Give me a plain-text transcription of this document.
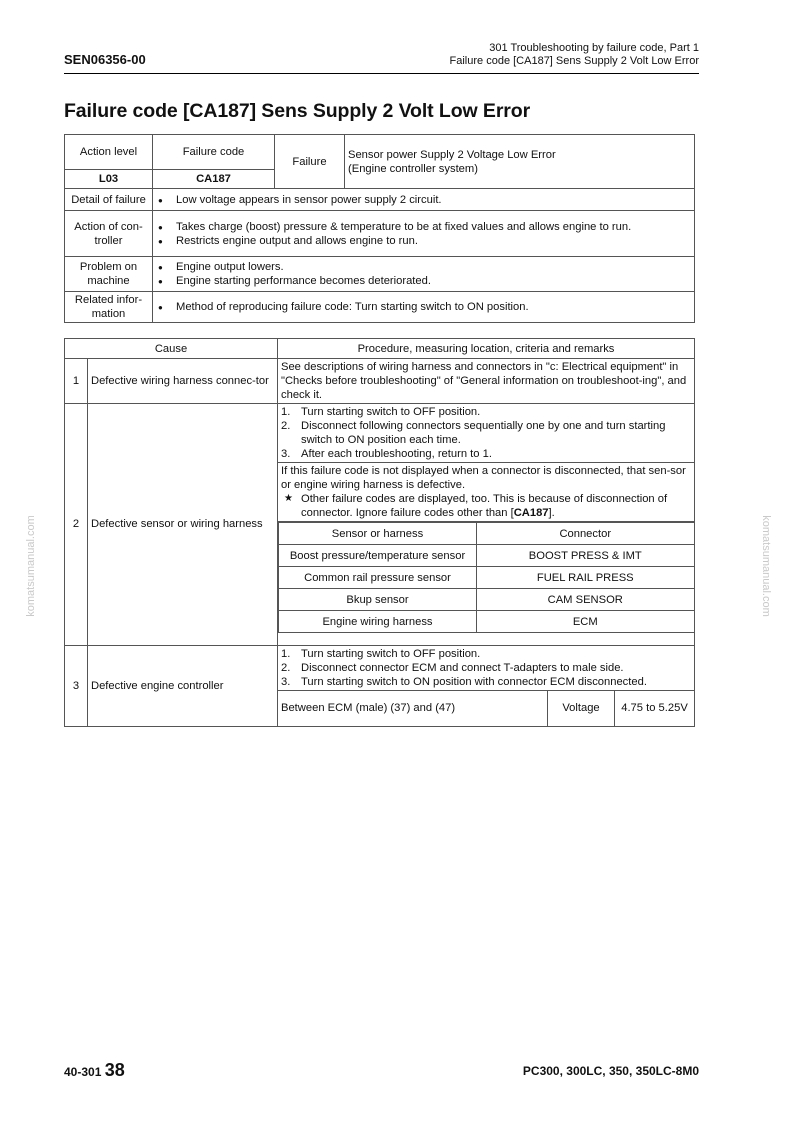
SEN06356-00
301 Troubleshooting by failure code, Part 1
Failure code [CA187] Sens Supply 2 Volt Low Error
Failure code [CA187] Sens Supply 2 Volt Low Error
Action level	Failure code	Failure	Sensor power Supply 2 Voltage Low Error
(Engine controller system)

L03	CA187		
Detail of failure	● Low voltage appears in sensor power supply 2 circuit.

Action of con-troller	● Takes charge (boost) pressure & temperature to be at fixed values and allows engine to run.
● Restricts engine output and allows engine to run.

Problem on machine	● Engine output lowers.
● Engine starting performance becomes deteriorated.

Related infor-mation	● Method of reproducing failure code: Turn starting switch to ON position.
Cause	Procedure, measuring location, criteria and remarks
1	Defective wiring harness connec-tor	See descriptions of wiring harness and connectors in "c: Electrical equipment" in "Checks before troubleshooting" of "General information on troubleshoot-ing", and check it.
2	Defective sensor or wiring harness	
1. Turn starting switch to OFF position.
2. Disconnect following connectors sequentially one by one and turn starting switch to ON position each time.
3. After each troubleshooting, return to 1.

If this failure code is not displayed when a connector is disconnected, that sen-sor or engine wiring harness is defective.
★ Other failure codes are displayed, too. This is because of disconnection of connector. Ignore failure codes other than [CA187].

Sensor or harness	Connector
Boost pressure/temperature sensor	BOOST PRESS & IMT
Common rail pressure sensor	FUEL RAIL PRESS
Bkup sensor	CAM SENSOR
Engine wiring harness	ECM

3	Defective engine controller	
1. Turn starting switch to OFF position.
2. Disconnect connector ECM and connect T-adapters to male side.
3. Turn starting switch to ON position with connector ECM disconnected.

Between ECM (male) (37) and (47)	Voltage	4.75 to 5.25V
komatsumanual.com	komatsumanual.com
40-301 38	PC300, 300LC, 350, 350LC-8M0
